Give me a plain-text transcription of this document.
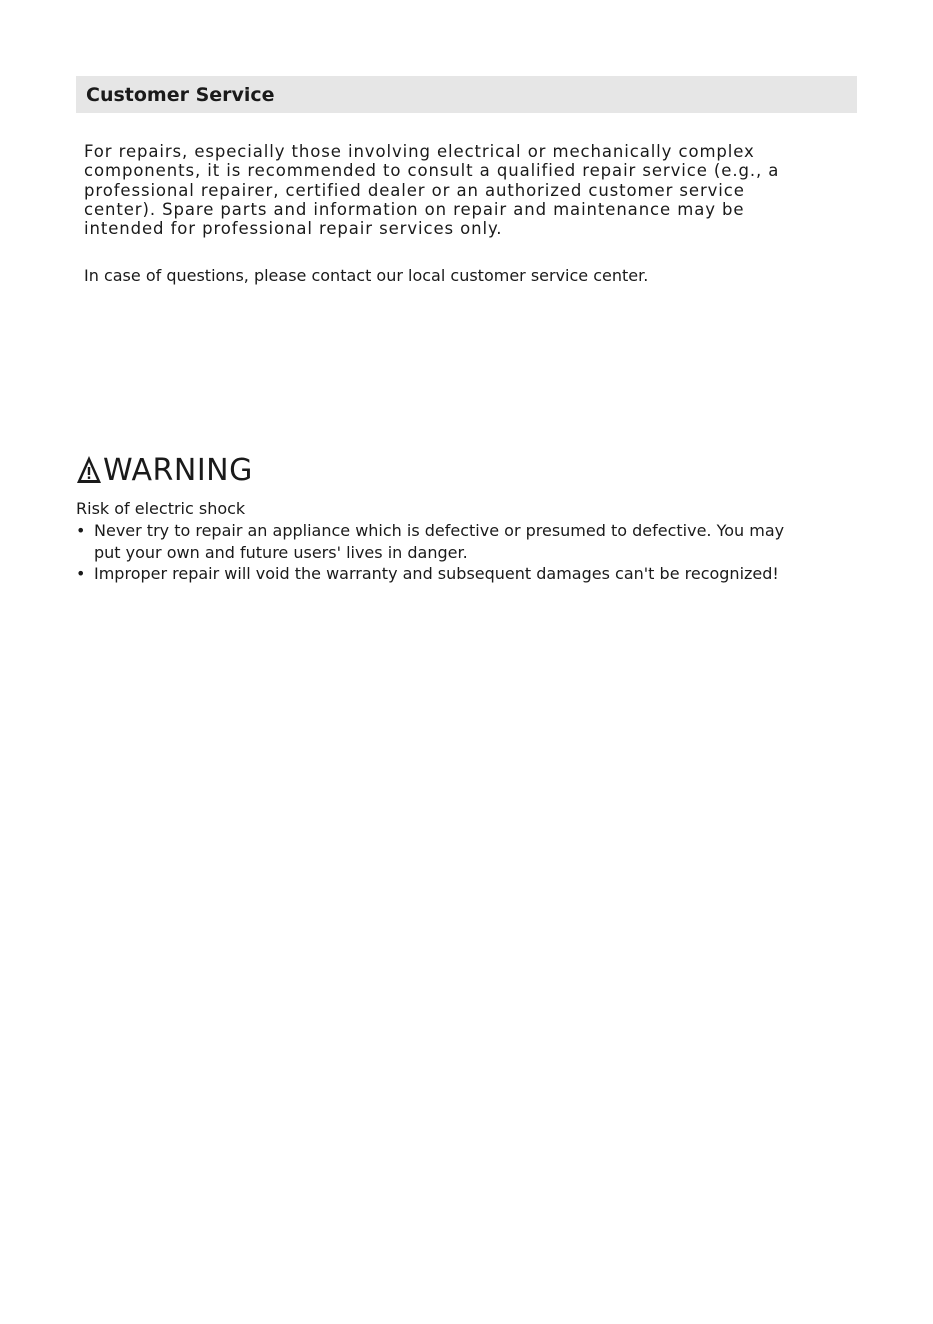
Customer Service

For repairs, especially those involving electrical or mechanically complex
components, it is recommended to consult a qualified repair service (e.g., a
professional repairer, certified dealer or an authorized customer service
center). Spare parts and information on repair and maintenance may be
intended for professional repair services only.

In case of questions, please contact our local customer service center.

WARNING

Risk of electric shock

• Never try to repair an appliance which is defective or presumed to defective. You may
put your own and future users' lives in danger.
• Improper repair will void the warranty and subsequent damages can't be recognized!
